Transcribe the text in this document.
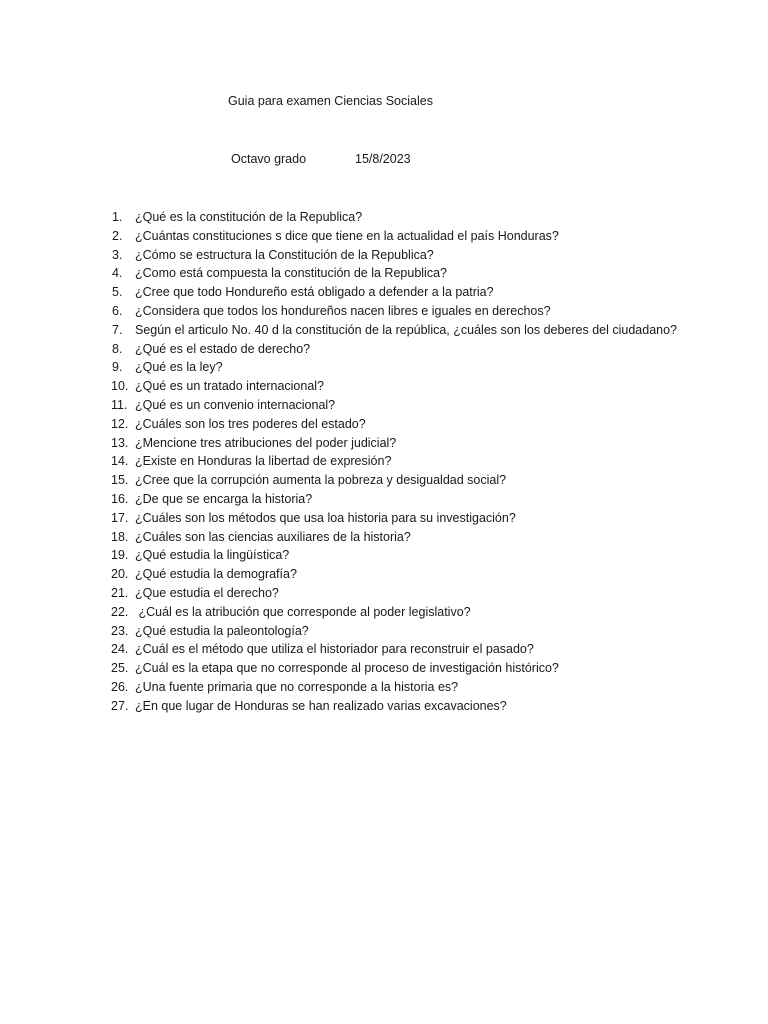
Guia para examen Ciencias Sociales
Octavo grado	15/8/2023
1.	¿Qué es la constitución de la Republica?
2.	¿Cuántas constituciones s dice que tiene en la actualidad el país Honduras?
3.	¿Cómo se estructura la Constitución de la Republica?
4.	¿Como está compuesta la constitución de la Republica?
5.	¿Cree que todo Hondureño está obligado a defender a la patria?
6.	¿Considera que todos los hondureños nacen libres e iguales en derechos?
7.	Según el articulo No. 40 d la constitución de la república, ¿cuáles son los deberes del ciudadano?
8.	¿Qué es el estado de derecho?
9.	¿Qué es la ley?
10. ¿Qué es un tratado internacional?
11. ¿Qué es un convenio internacional?
12. ¿Cuáles son los tres poderes del estado?
13. ¿Mencione tres atribuciones del poder judicial?
14. ¿Existe en Honduras la libertad de expresión?
15. ¿Cree que la corrupción aumenta la pobreza y desigualdad social?
16. ¿De que se encarga la historia?
17. ¿Cuáles son los métodos que usa loa historia para su investigación?
18. ¿Cuáles son las ciencias auxiliares de la historia?
19. ¿Qué estudia la lingüística?
20. ¿Qué estudia la demografía?
21. ¿Que estudia el derecho?
22. ¿Cuál es la atribución que corresponde al poder legislativo?
23. ¿Qué estudia la paleontología?
24. ¿Cuál es el método que utiliza el historiador para reconstruir el pasado?
25. ¿Cuál es la etapa que no corresponde al proceso de investigación histórico?
26. ¿Una fuente primaria que no corresponde a la historia es?
27. ¿En que lugar de Honduras se han realizado varias excavaciones?
